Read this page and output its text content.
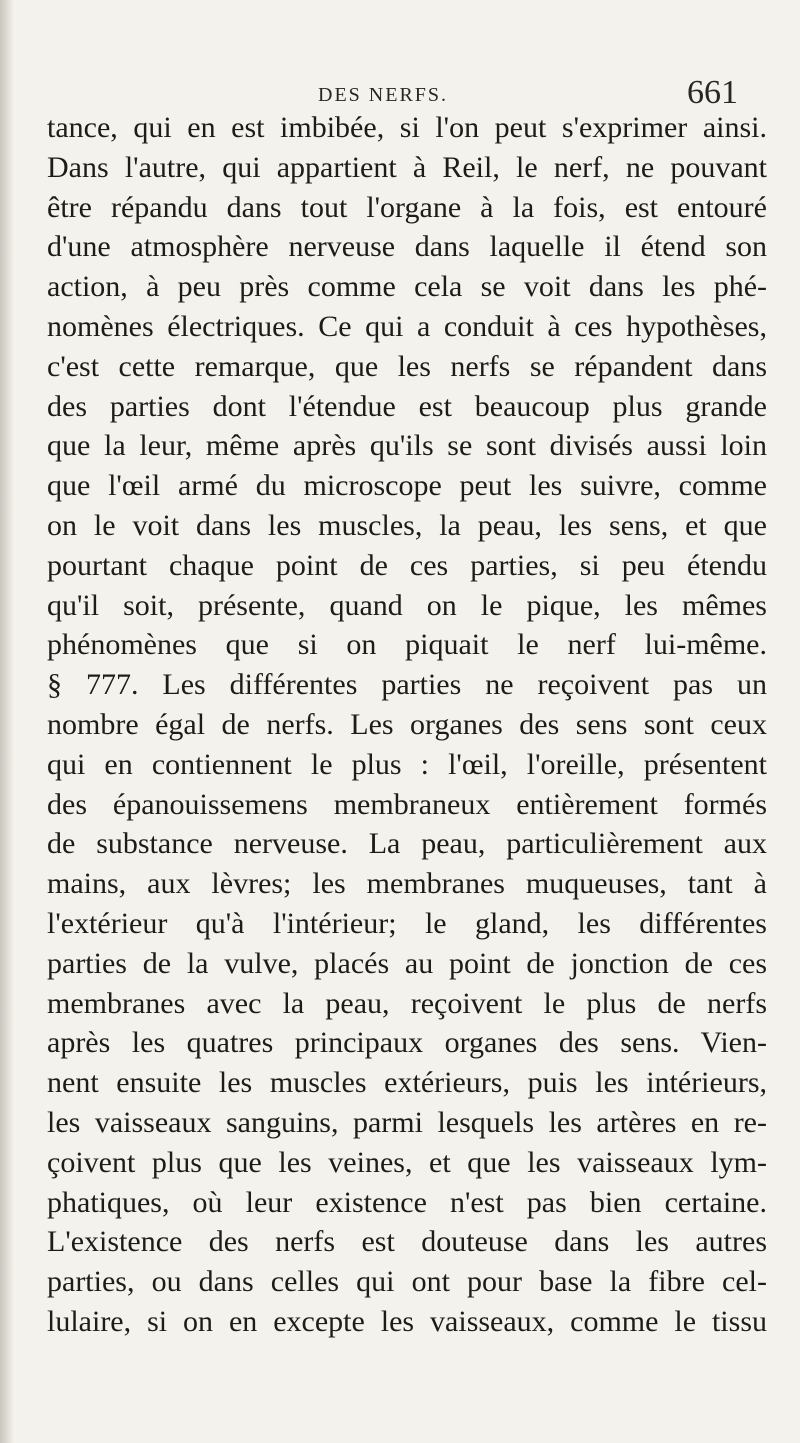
DES NERFS.	661
tance, qui en est imbibée, si l'on peut s'exprimer ainsi.
Dans l'autre, qui appartient à Reil, le nerf, ne pouvant
être répandu dans tout l'organe à la fois, est entouré
d'une atmosphère nerveuse dans laquelle il étend son
action, à peu près comme cela se voit dans les phé-
nomènes électriques. Ce qui a conduit à ces hypothèses,
c'est cette remarque, que les nerfs se répandent dans
des parties dont l'étendue est beaucoup plus grande
que la leur, même après qu'ils se sont divisés aussi loin
que l'œil armé du microscope peut les suivre, comme
on le voit dans les muscles, la peau, les sens, et que
pourtant chaque point de ces parties, si peu étendu
qu'il soit, présente, quand on le pique, les mêmes
phénomènes que si on piquait le nerf lui-même.
§ 777. Les différentes parties ne reçoivent pas un
nombre égal de nerfs. Les organes des sens sont ceux
qui en contiennent le plus : l'œil, l'oreille, présentent
des épanouissemens membraneux entièrement formés
de substance nerveuse. La peau, particulièrement aux
mains, aux lèvres; les membranes muqueuses, tant à
l'extérieur qu'à l'intérieur; le gland, les différentes
parties de la vulve, placés au point de jonction de ces
membranes avec la peau, reçoivent le plus de nerfs
après les quatres principaux organes des sens. Vien-
nent ensuite les muscles extérieurs, puis les intérieurs,
les vaisseaux sanguins, parmi lesquels les artères en re-
çoivent plus que les veines, et que les vaisseaux lym-
phatiques, où leur existence n'est pas bien certaine.
L'existence des nerfs est douteuse dans les autres
parties, ou dans celles qui ont pour base la fibre cel-
lulaire, si on en excepte les vaisseaux, comme le tissu
